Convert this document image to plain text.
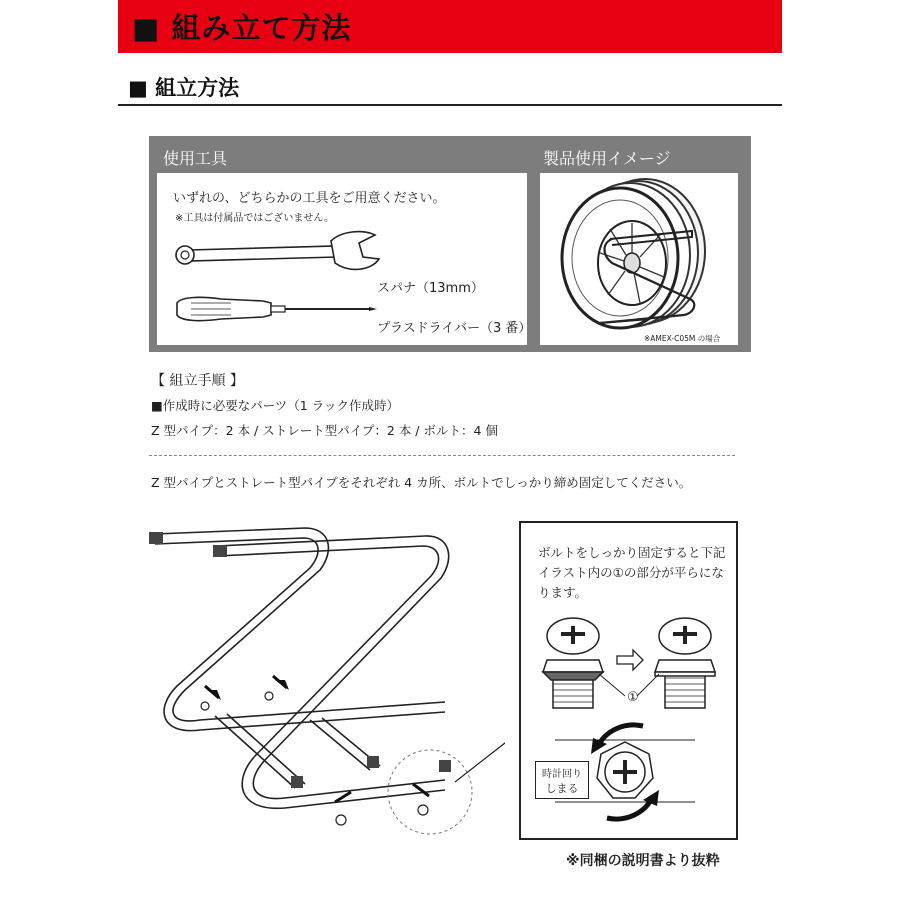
■ 組み立て方法
■ 組立方法
使用工具	製品使用イメージ
いずれの、どちらかの工具をご用意ください。
※工具は付属品ではございません。
スパナ（13mm）
プラスドライバー（3 番）
※AMEX-C05M の場合
【 組立手順 】
■作成時に必要なパーツ（1 ラック作成時）
Z 型パイプ：2 本 / ストレート型パイプ：2 本 / ボルト：4 個
Z 型パイプとストレート型パイプをそれぞれ 4 カ所、ボルトでしっかり締め固定してください。
ボルトをしっかり固定すると下記イラスト内の①の部分が平らになります。
①
時計回り
しまる
※同梱の説明書より抜粋
